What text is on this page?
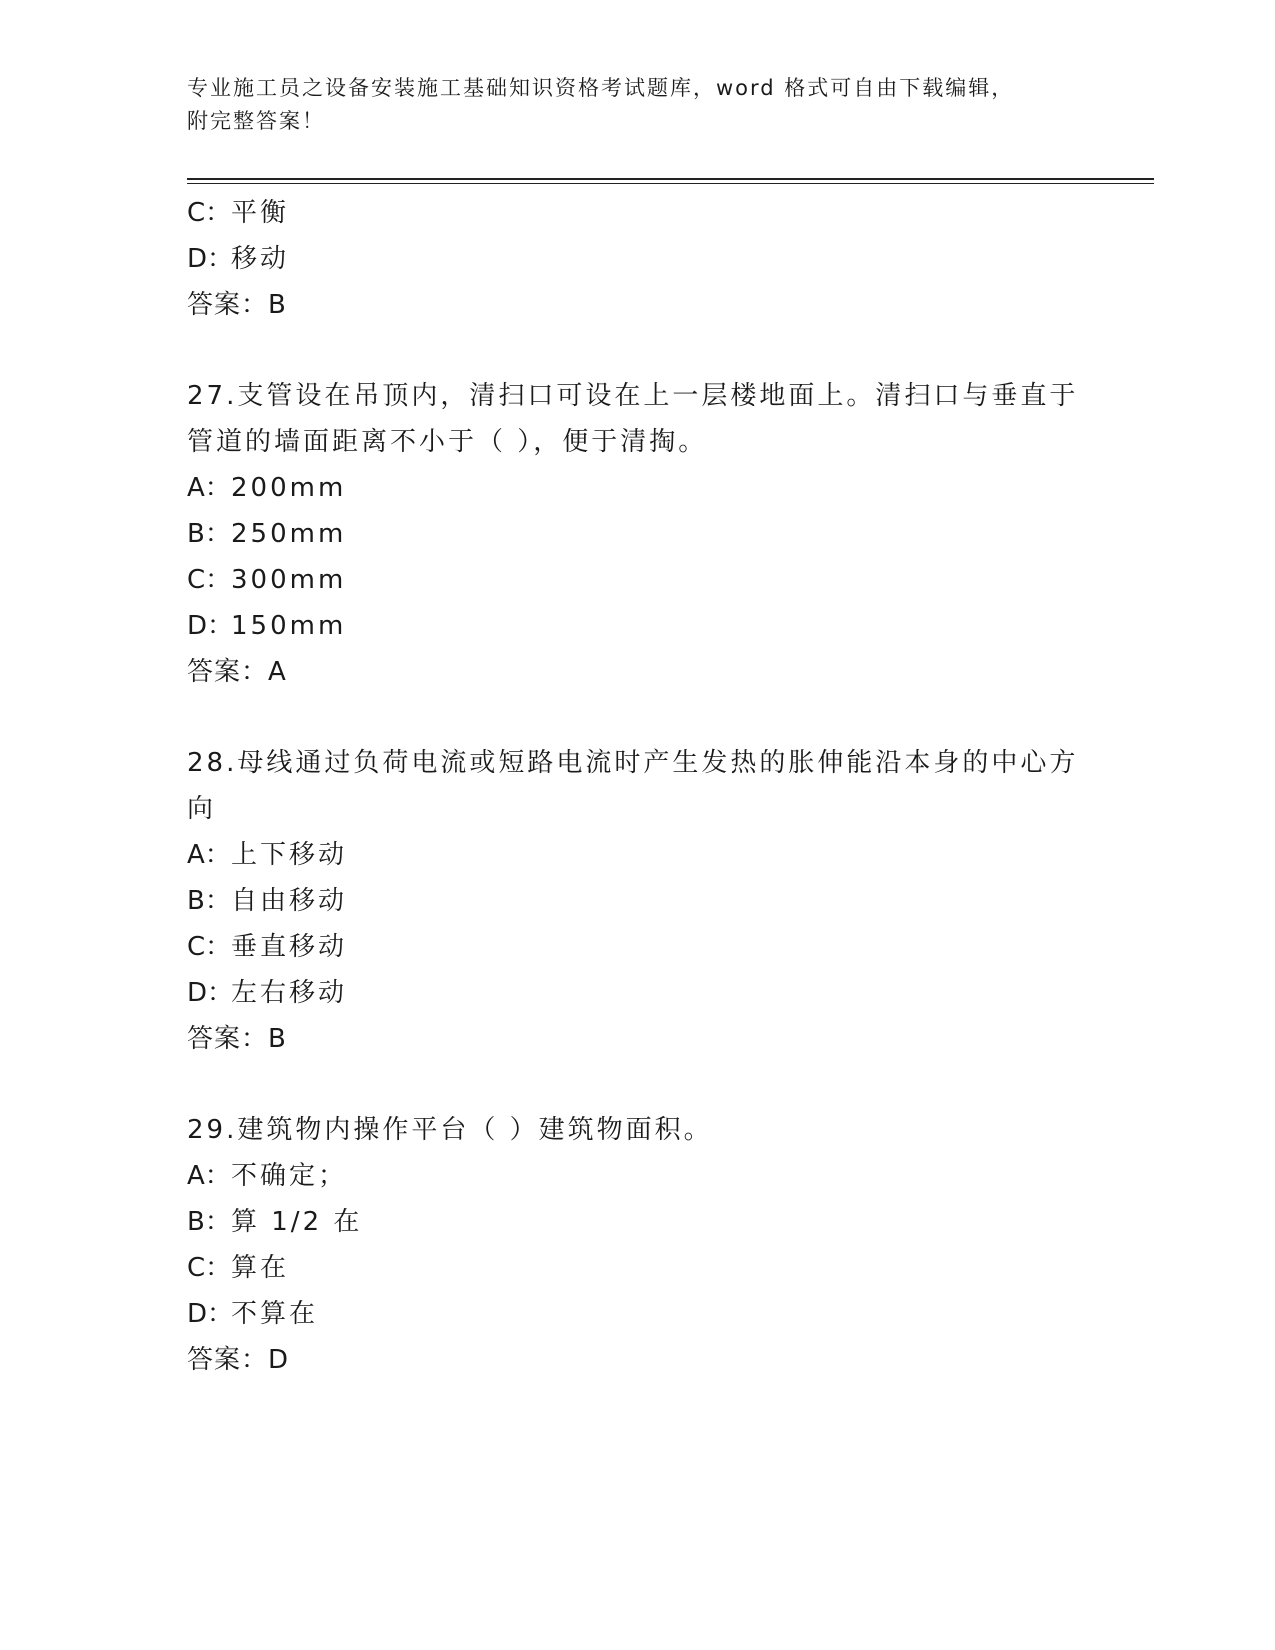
专业施工员之设备安装施工基础知识资格考试题库，word 格式可自由下载编辑，
附完整答案！
C：平衡
D：移动
答案：B
27.支管设在吊顶内，清扫口可设在上一层楼地面上。清扫口与垂直于
管道的墙面距离不小于（ ），便于清掏。
A：200mm
B：250mm
C：300mm
D：150mm
答案：A
28.母线通过负荷电流或短路电流时产生发热的胀伸能沿本身的中心方
向
A：上下移动
B：自由移动
C：垂直移动
D：左右移动
答案：B
29.建筑物内操作平台（ ）建筑物面积。
A：不确定；
B：算 1/2 在
C：算在
D：不算在
答案：D
